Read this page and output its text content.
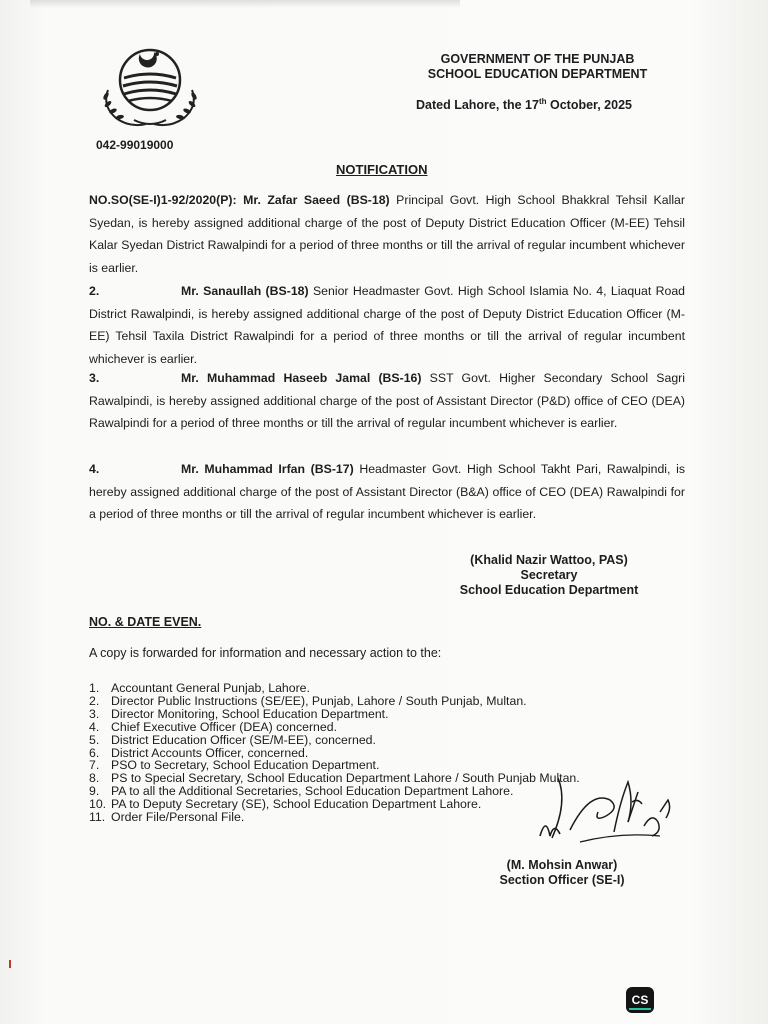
GOVERNMENT OF THE PUNJAB
SCHOOL EDUCATION DEPARTMENT
Dated Lahore, the 17th October, 2025
042-99019000
NOTIFICATION
NO.SO(SE-I)1-92/2020(P): Mr. Zafar Saeed (BS-18) Principal Govt. High School Bhakkral Tehsil Kallar Syedan, is hereby assigned additional charge of the post of Deputy District Education Officer (M-EE) Tehsil Kalar Syedan District Rawalpindi for a period of three months or till the arrival of regular incumbent whichever is earlier.
2.	Mr. Sanaullah (BS-18) Senior Headmaster Govt. High School Islamia No. 4, Liaquat Road District Rawalpindi, is hereby assigned additional charge of the post of Deputy District Education Officer (M-EE) Tehsil Taxila District Rawalpindi for a period of three months or till the arrival of regular incumbent whichever is earlier.
3.	Mr. Muhammad Haseeb Jamal (BS-16) SST Govt. Higher Secondary School Sagri Rawalpindi, is hereby assigned additional charge of the post of Assistant Director (P&D) office of CEO (DEA) Rawalpindi for a period of three months or till the arrival of regular incumbent whichever is earlier.
4.	Mr. Muhammad Irfan (BS-17) Headmaster Govt. High School Takht Pari, Rawalpindi, is hereby assigned additional charge of the post of Assistant Director (B&A) office of CEO (DEA) Rawalpindi for a period of three months or till the arrival of regular incumbent whichever is earlier.
(Khalid Nazir Wattoo, PAS)
Secretary
School Education Department
NO. & DATE EVEN.
A copy is forwarded for information and necessary action to the:
1. Accountant General Punjab, Lahore.
2. Director Public Instructions (SE/EE), Punjab, Lahore / South Punjab, Multan.
3. Director Monitoring, School Education Department.
4. Chief Executive Officer (DEA) concerned.
5. District Education Officer (SE/M-EE), concerned.
6. District Accounts Officer, concerned.
7. PSO to Secretary, School Education Department.
8. PS to Special Secretary, School Education Department Lahore / South Punjab Multan.
9. PA to all the Additional Secretaries, School Education Department Lahore.
10. PA to Deputy Secretary (SE), School Education Department Lahore.
11. Order File/Personal File.
(M. Mohsin Anwar)
Section Officer (SE-I)
CS
